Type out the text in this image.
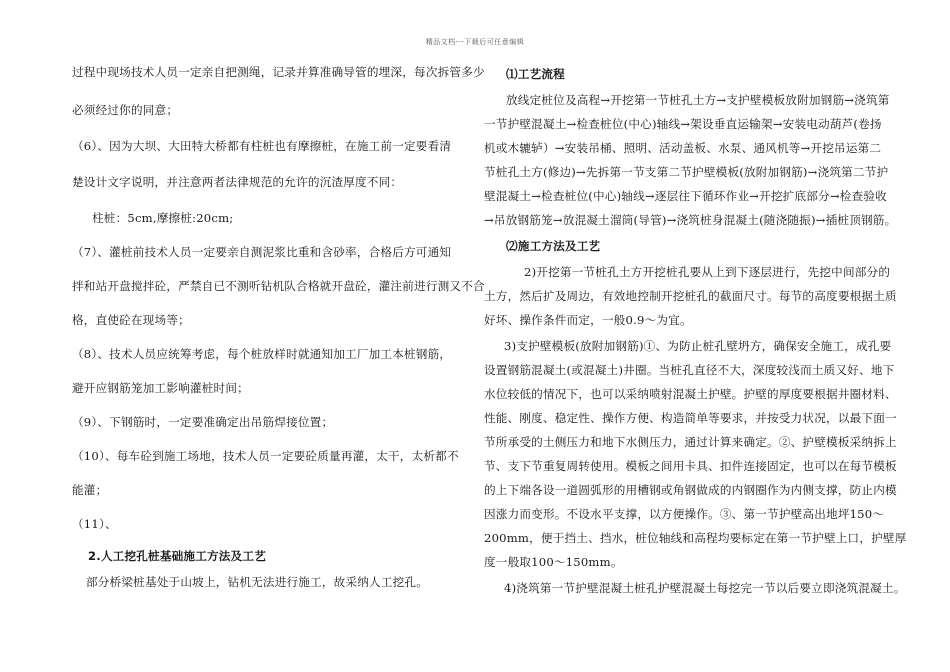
精品文档---下载后可任意编辑
过程中现场技术人员一定亲自把测绳，记录并算准确导管的埋深，每次拆管多少
必须经过你的同意；
（6）、因为大坝、大田特大桥都有柱桩也有摩擦桩，在施工前一定要看清
楚设计文字说明，并注意两者法律规范的允许的沉渣厚度不同：
柱桩：5cm,摩擦桩:20cm;
（7）、灌桩前技术人员一定要亲自测泥浆比重和含砂率，合格后方可通知
拌和站开盘搅拌砼，严禁自已不测听钻机队合格就开盘砼，灌注前进行测又不合
格，直使砼在现场等；
（8）、技术人员应统筹考虑，每个桩放样时就通知加工厂加工本桩钢筋，
避开应钢筋笼加工影响灌桩时间；
（9）、下钢筋时，一定要准确定出吊筋焊接位置；
（10）、每车砼到施工场地，技术人员一定要砼质量再灌，太干，太析都不
能灌；
（11）、
2.人工挖孔桩基础施工方法及工艺
部分桥梁桩基处于山坡上，钻机无法进行施工，故采纳人工挖孔。
⑴工艺流程
放线定桩位及高程→开挖第一节桩孔土方→支护壁模板放附加钢筋→浇筑第
一节护壁混凝土→检查桩位(中心)轴线→架设垂直运输架→安装电动葫芦(卷扬
机或木辘轳）→安装吊桶、照明、活动盖板、水泵、通风机等→开挖吊运第二
节桩孔土方(修边)→先拆第一节支第二节护壁模板(放附加钢筋)→浇筑第二节护
壁混凝土→检查桩位(中心)轴线→逐层往下循环作业→开挖扩底部分→检查验收
→吊放钢筋笼→放混凝土溜筒(导管)→浇筑桩身混凝土(随浇随振)→插桩顶钢筋。
⑵施工方法及工艺
2)开挖第一节桩孔土方开挖桩孔要从上到下逐层进行，先挖中间部分的
土方，然后扩及周边，有效地控制开挖桩孔的截面尺寸。每节的高度要根据土质
好坏、操作条件而定，一般0.9～为宜。
3)支护壁模板(放附加钢筋)①、为防止桩孔壁坍方，确保安全施工，成孔要
设置钢筋混凝土(或混凝土)井圈。当桩孔直径不大，深度较浅而土质又好、地下
水位较低的情况下，也可以采纳喷射混凝土护壁。护壁的厚度要根据井圈材料、
性能、刚度、稳定性、操作方便、构造简单等要求，并按受力状况，以最下面一
节所承受的土侧压力和地下水侧压力，通过计算来确定。②、护壁模板采纳拆上
节、支下节重复周转使用。模板之间用卡具、扣件连接固定，也可以在每节模板
的上下端各设一道圆弧形的用槽钢或角钢做成的内钢圈作为内侧支撑，防止内模
因涨力而变形。不设水平支撑，以方便操作。③、第一节护壁高出地坪150～
200mm，便于挡土、挡水，桩位轴线和高程均要标定在第一节护壁上口，护壁厚
度一般取100～150mm。
4)浇筑第一节护壁混凝土桩孔护壁混凝土每挖完一节以后要立即浇筑混凝土。
